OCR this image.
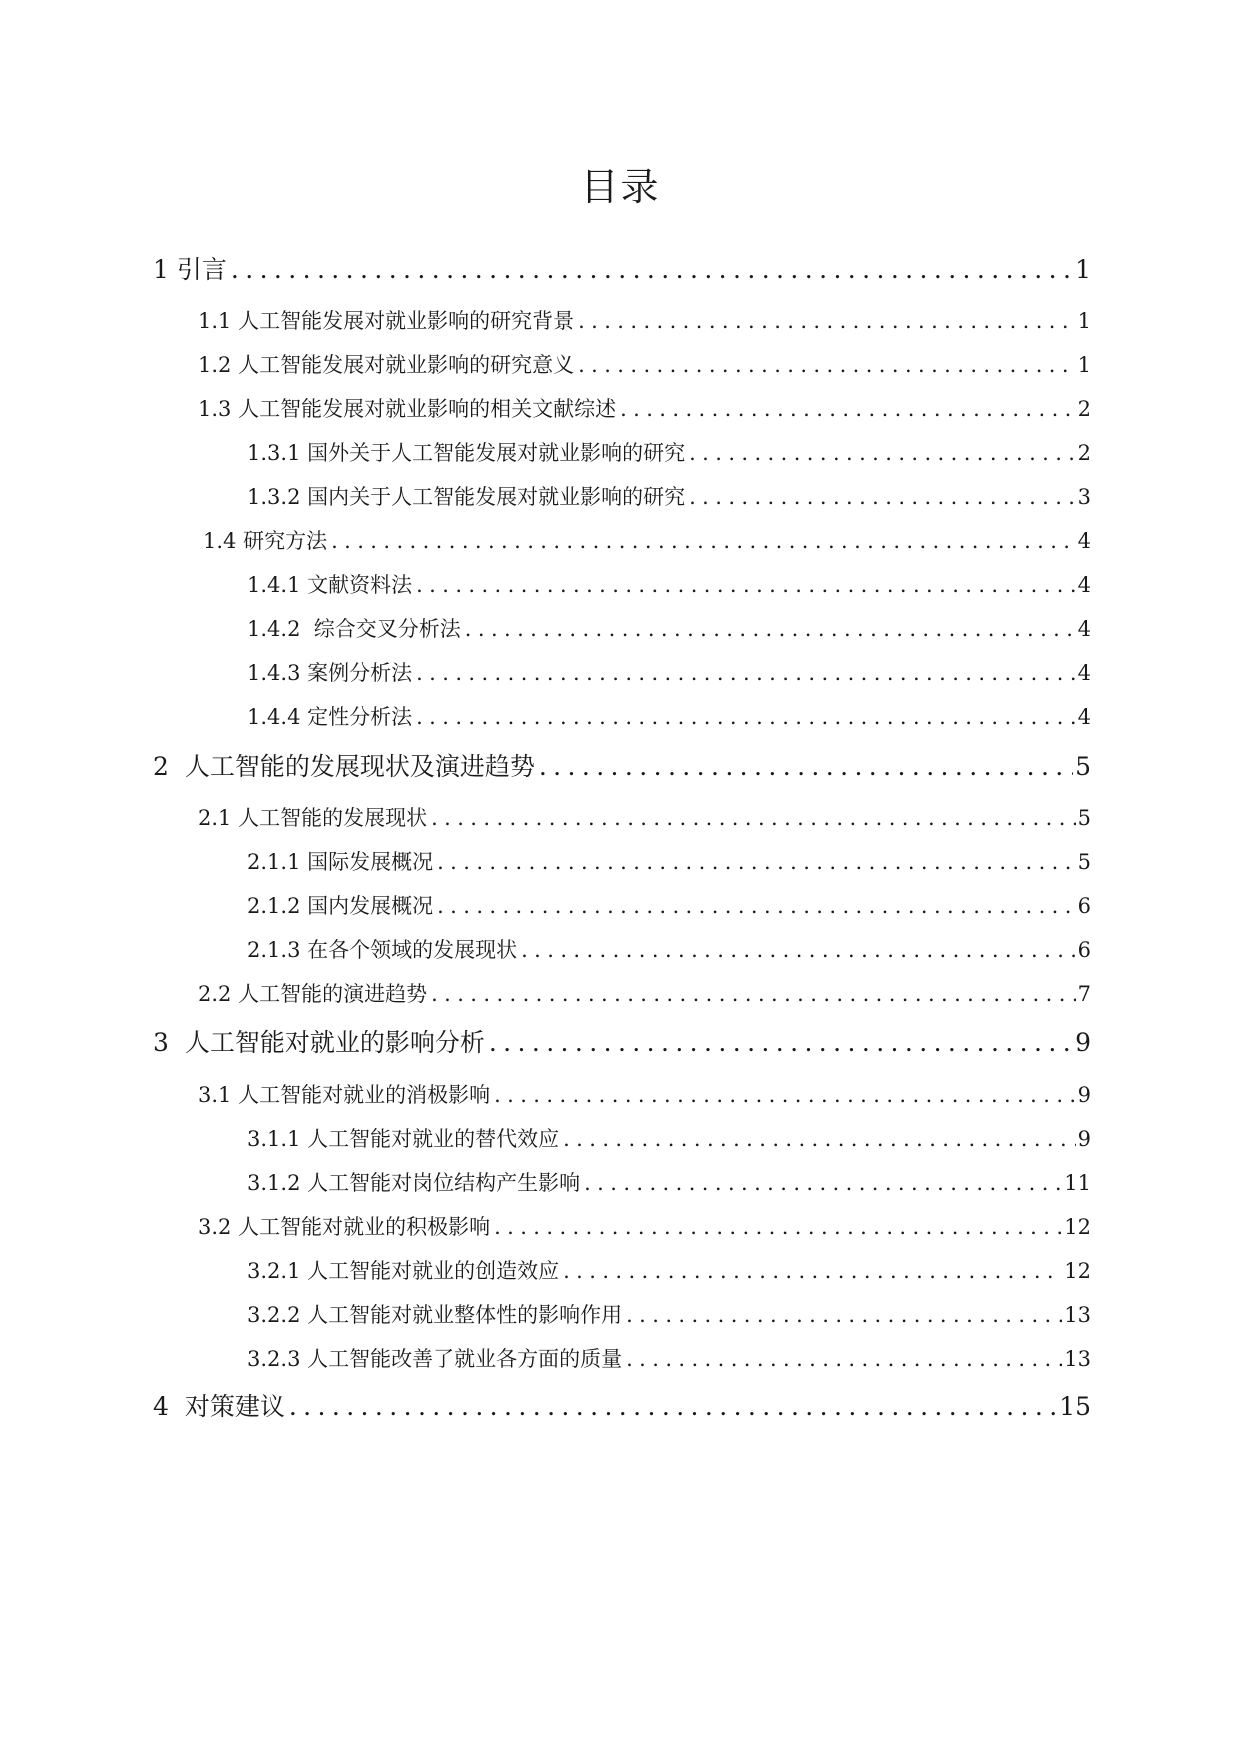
目录
1 引言 .....	1
1.1 人工智能发展对就业影响的研究背景 .....	1
1.2 人工智能发展对就业影响的研究意义 .....	1
1.3 人工智能发展对就业影响的相关文献综述 .....	2
1.3.1 国外关于人工智能发展对就业影响的研究 .....	2
1.3.2 国内关于人工智能发展对就业影响的研究 .....	3
1.4 研究方法 .....	4
1.4.1 文献资料法 .....	4
1.4.2 综合交叉分析法 .....	4
1.4.3 案例分析法 .....	4
1.4.4 定性分析法 .....	4
2 人工智能的发展现状及演进趋势 .....	5
2.1 人工智能的发展现状 .....	5
2.1.1 国际发展概况 .....	5
2.1.2 国内发展概况 .....	6
2.1.3 在各个领域的发展现状 .....	6
2.2 人工智能的演进趋势 .....	7
3 人工智能对就业的影响分析 .....	9
3.1 人工智能对就业的消极影响 .....	9
3.1.1 人工智能对就业的替代效应 .....	9
3.1.2 人工智能对岗位结构产生影响 .....	11
3.2 人工智能对就业的积极影响 .....	12
3.2.1 人工智能对就业的创造效应 .....	12
3.2.2 人工智能对就业整体性的影响作用 .....	13
3.2.3 人工智能改善了就业各方面的质量 .....	13
4 对策建议 .....	15
